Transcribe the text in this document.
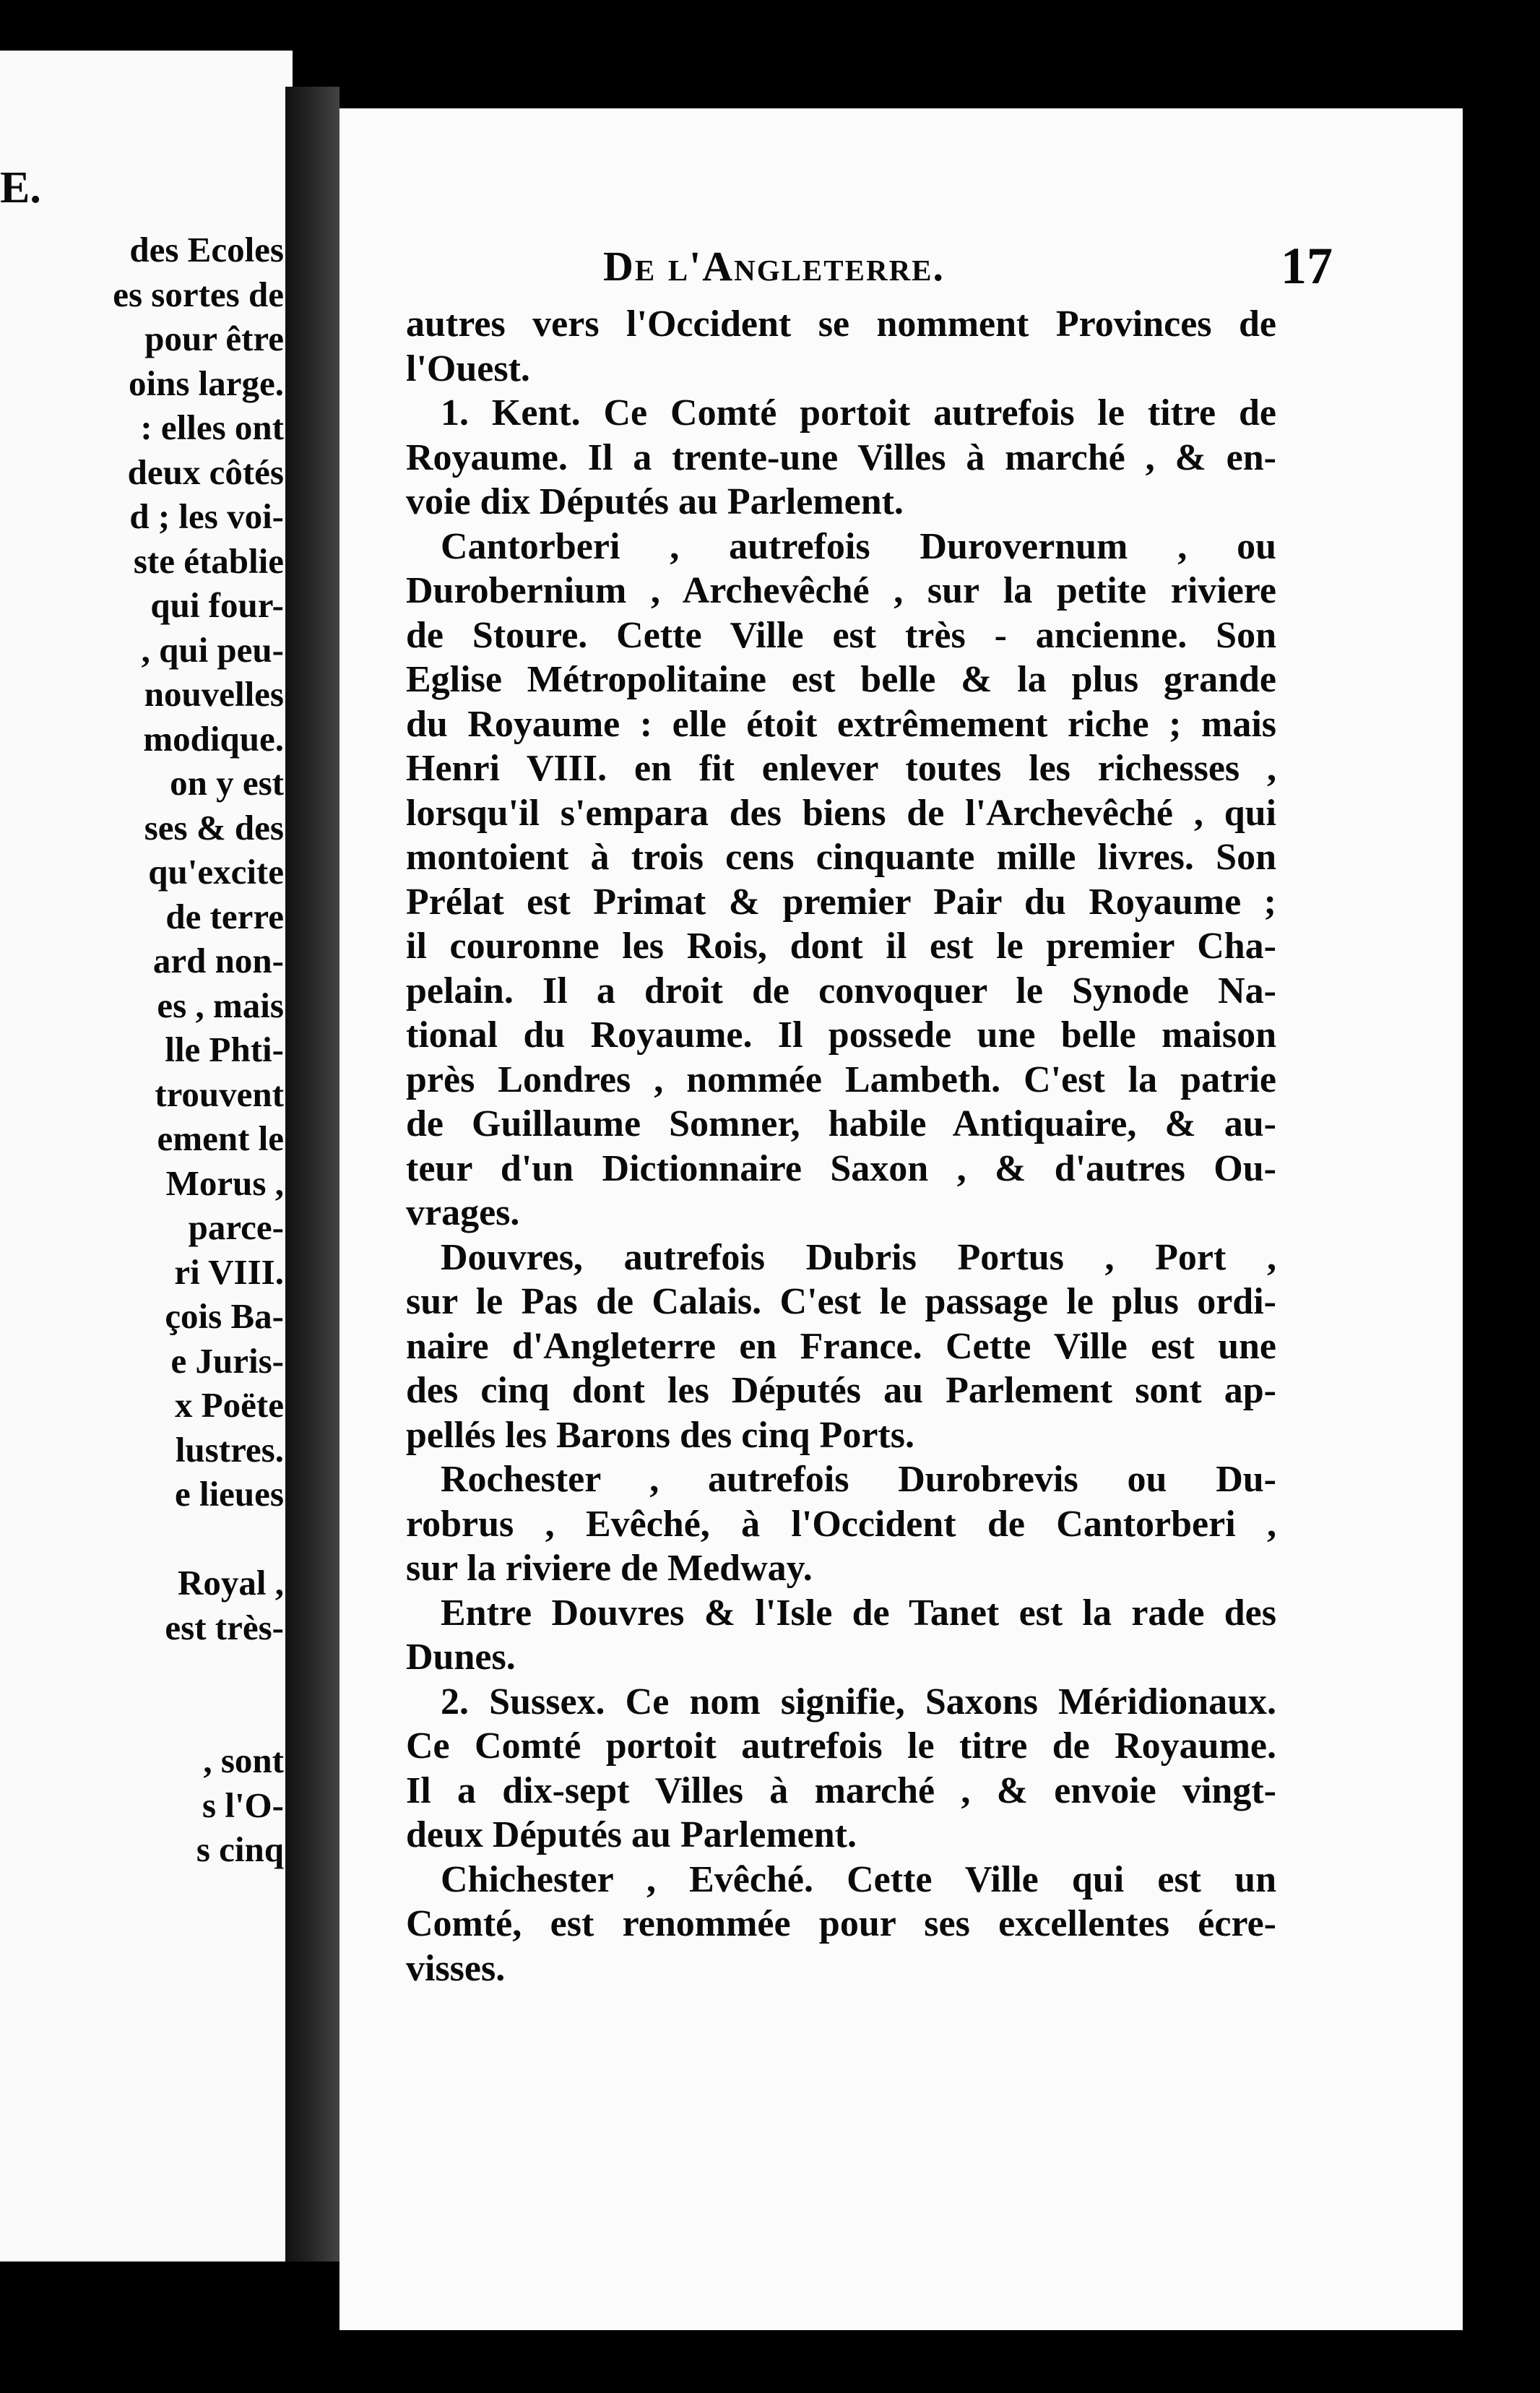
E.
des Ecoles
es sortes de
pour être
oins large.
: elles ont
deux côtés
d ; les voi-
ste établie
qui four-
, qui peu-
nouvelles
modique.
on y est
ses & des
qu'excite
de terre
ard non-
es , mais
lle Phti-
trouvent
ement le
Morus ,
parce-
ri VIII.
çois Ba-
e Juris-
x Poëte
lustres.
e lieues
Royal ,
est très-
, sont
s l'O-
s cinq
De l'Angleterre.	17
autres vers l'Occident se nomment Provinces de
l'Ouest.
1. Kent. Ce Comté portoit autrefois le titre de
Royaume. Il a trente-une Villes à marché , & en-
voie dix Députés au Parlement.
Cantorberi , autrefois Durovernum , ou
Durobernium , Archevêché , sur la petite riviere
de Stoure. Cette Ville est très - ancienne. Son
Eglise Métropolitaine est belle & la plus grande
du Royaume : elle étoit extrêmement riche ; mais
Henri VIII. en fit enlever toutes les richesses ,
lorsqu'il s'empara des biens de l'Archevêché , qui
montoient à trois cens cinquante mille livres. Son
Prélat est Primat & premier Pair du Royaume ;
il couronne les Rois, dont il est le premier Cha-
pelain. Il a droit de convoquer le Synode Na-
tional du Royaume. Il possede une belle maison
près Londres , nommée Lambeth. C'est la patrie
de Guillaume Somner, habile Antiquaire, & au-
teur d'un Dictionnaire Saxon , & d'autres Ou-
vrages.
Douvres, autrefois Dubris Portus , Port ,
sur le Pas de Calais. C'est le passage le plus ordi-
naire d'Angleterre en France. Cette Ville est une
des cinq dont les Députés au Parlement sont ap-
pellés les Barons des cinq Ports.
Rochester , autrefois Durobrevis ou Du-
robrus , Evêché, à l'Occident de Cantorberi ,
sur la riviere de Medway.
Entre Douvres & l'Isle de Tanet est la rade des
Dunes.
2. Sussex. Ce nom signifie, Saxons Méridionaux.
Ce Comté portoit autrefois le titre de Royaume.
Il a dix-sept Villes à marché , & envoie vingt-
deux Députés au Parlement.
Chichester , Evêché. Cette Ville qui est un
Comté, est renommée pour ses excellentes écre-
visses.
